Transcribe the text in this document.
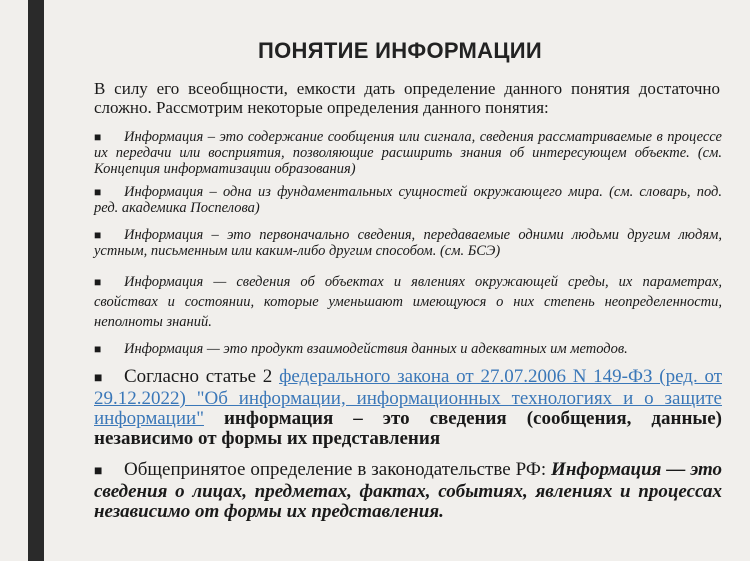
ПОНЯТИЕ ИНФОРМАЦИИ
В силу его всеобщности, емкости дать определение данного понятия достаточно сложно. Рассмотрим некоторые определения данного понятия:
■ Информация – это содержание сообщения или сигнала, сведения рассматриваемые в процессе их передачи или восприятия, позволяющие расширить знания об интересующем объекте. (см. Концепция информатизации образования)
■ Информация – одна из фундаментальных сущностей окружающего мира. (см. словарь, под. ред. академика Поспелова)
■ Информация – это первоначально сведения, передаваемые одними людьми другим людям, устным, письменным или каким-либо другим способом. (см. БСЭ)
■ Информация — сведения об объектах и явлениях окружающей среды, их параметрах, свойствах и состоянии, которые уменьшают имеющуюся о них степень неопределенности, неполноты знаний.
■ Информация — это продукт взаимодействия данных и адекватных им методов.
■ Согласно статье 2 федерального закона от 27.07.2006 N 149-ФЗ (ред. от 29.12.2022) "Об информации, информационных технологиях и о защите информации" информация – это сведения (сообщения, данные) независимо от формы их представления
■ Общепринятое определение в законодательстве РФ: Информация — это сведения о лицах, предметах, фактах, событиях, явлениях и процессах независимо от формы их представления.
